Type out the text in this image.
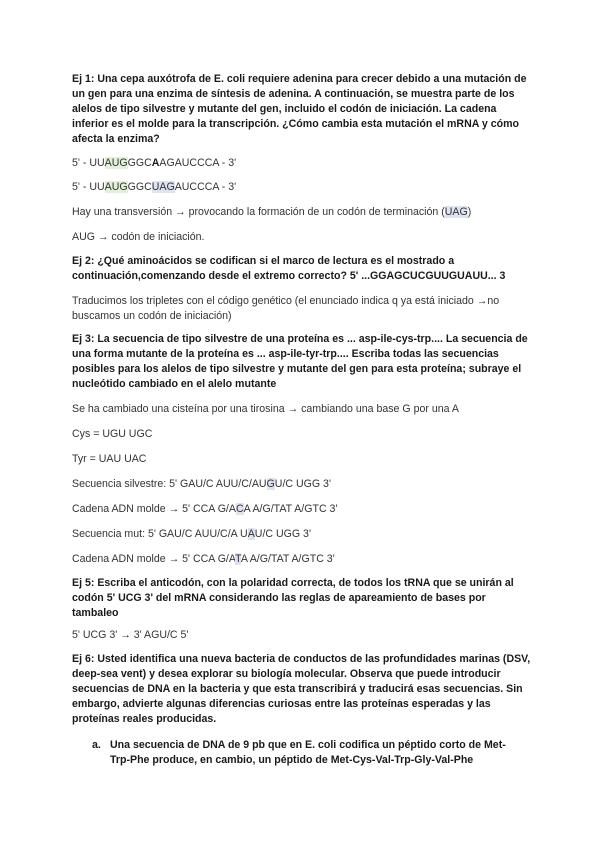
Ej 1: Una cepa auxótrofa de E. coli requiere adenina para crecer debido a una mutación de un gen para una enzima de síntesis de adenina. A continuación, se muestra parte de los alelos de tipo silvestre y mutante del gen, incluido el codón de iniciación. La cadena inferior es el molde para la transcripción. ¿Cómo cambia esta mutación el mRNA y cómo afecta la enzima?
5' - UUAUGGGCAAGAUCCCA - 3'
5' - UUAUGGGCUAGAUCCCA - 3'
Hay una transversión → provocando la formación de un codón de terminación (UAG)
AUG → codón de iniciación.
Ej 2: ¿Qué aminoácidos se codifican si el marco de lectura es el mostrado a continuación,comenzando desde el extremo correcto? 5' ...GGAGCUCGUUGUAUU... 3
Traducimos los tripletes con el código genético (el enunciado indica q ya está iniciado →no buscamos un codón de iniciación)
Ej 3: La secuencia de tipo silvestre de una proteína es ... asp-ile-cys-trp.... La secuencia de una forma mutante de la proteína es ... asp-ile-tyr-trp.... Escriba todas las secuencias posibles para los alelos de tipo silvestre y mutante del gen para esta proteína; subraye el nucleótido cambiado en el alelo mutante
Se ha cambiado una cisteína por una tirosina → cambiando una base G por una A
Cys = UGU UGC
Tyr = UAU UAC
Secuencia silvestre: 5' GAU/C AUU/C/AUGU/C UGG 3'
Cadena ADN molde → 5' CCA G/ACA A/G/TAT A/GTC 3'
Secuencia mut: 5' GAU/C AUU/C/A UAU/C UGG 3'
Cadena ADN molde → 5' CCA G/ATA A/G/TAT A/GTC 3'
Ej 5: Escriba el anticodón, con la polaridad correcta, de todos los tRNA que se unirán al codón 5' UCG 3' del mRNA considerando las reglas de apareamiento de bases por tambaleo
5' UCG 3' → 3' AGU/C 5'
Ej 6: Usted identifica una nueva bacteria de conductos de las profundidades marinas (DSV, deep-sea vent) y desea explorar su biología molecular. Observa que puede introducir secuencias de DNA en la bacteria y que esta transcribirá y traducirá esas secuencias. Sin embargo, advierte algunas diferencias curiosas entre las proteínas esperadas y las proteínas reales producidas.
a. Una secuencia de DNA de 9 pb que en E. coli codifica un péptido corto de Met-Trp-Phe produce, en cambio, un péptido de Met-Cys-Val-Trp-Gly-Val-Phe
